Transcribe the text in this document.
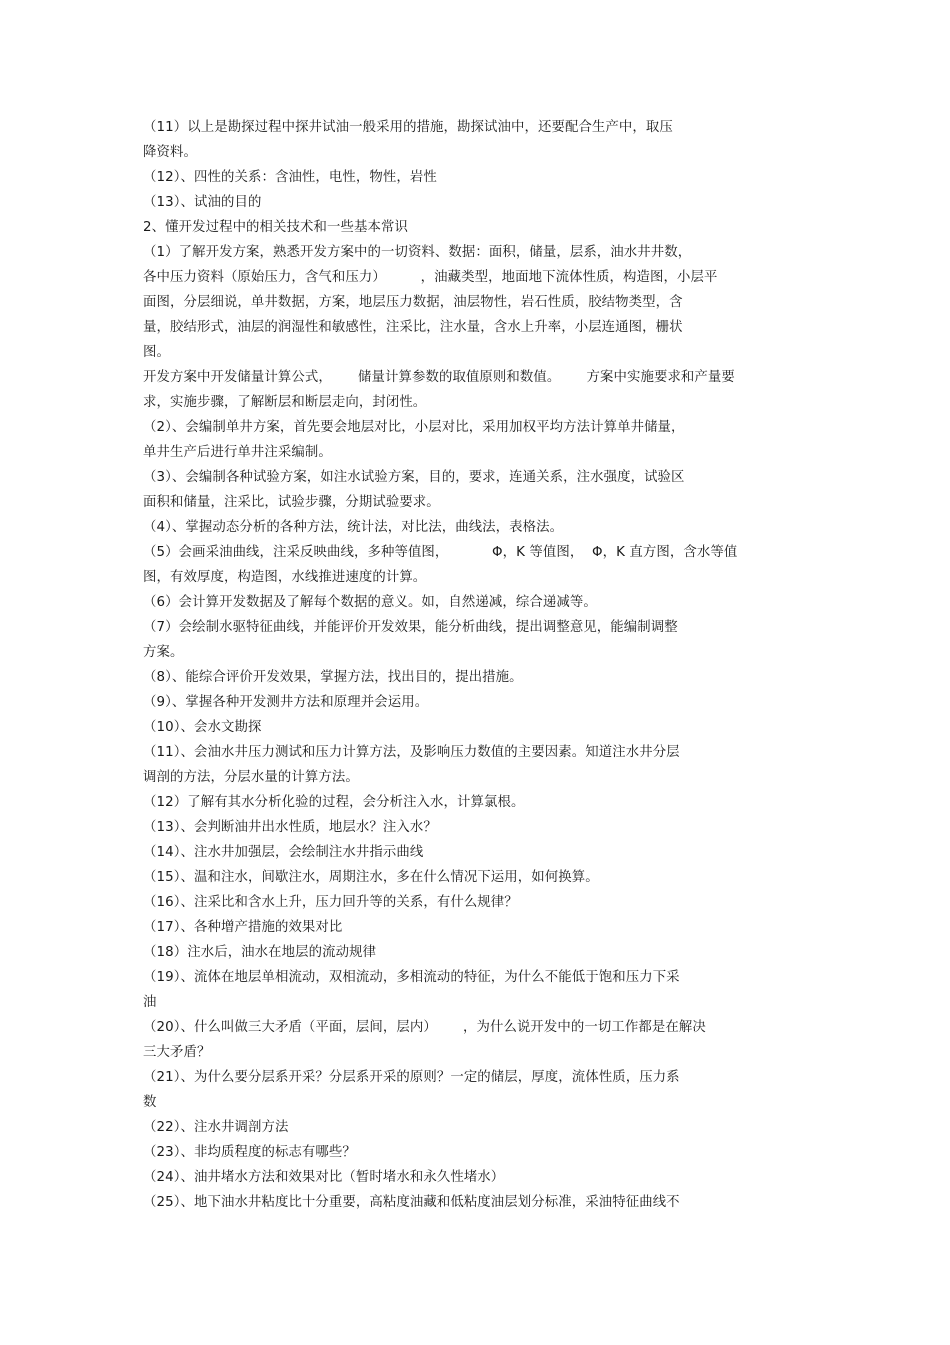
（11）以上是勘探过程中探井试油一般采用的措施，勘探试油中，还要配合生产中，取压
降资料。
（12）、四性的关系：含油性，电性，物性，岩性
（13）、试油的目的
2、懂开发过程中的相关技术和一些基本常识
（1）了解开发方案，熟悉开发方案中的一切资料、数据：面积，储量，层系，油水井井数，
各中压力资料（原始压力，含气和压力）        ，油藏类型，地面地下流体性质，构造图，小层平
面图，分层细说，单井数据，方案，地层压力数据，油层物性，岩石性质，胶结物类型，含
量，胶结形式，油层的润湿性和敏感性，注采比，注水量，含水上升率，小层连通图，栅状
图。
开发方案中开发储量计算公式，      储量计算参数的取值原则和数值。      方案中实施要求和产量要
求，实施步骤，了解断层和断层走向，封闭性。
（2）、会编制单井方案，首先要会地层对比，小层对比，采用加权平均方法计算单井储量，
单井生产后进行单井注采编制。
（3）、会编制各种试验方案，如注水试验方案，目的，要求，连通关系，注水强度，试验区
面积和储量，注采比，试验步骤，分期试验要求。
（4）、掌握动态分析的各种方法，统计法，对比法，曲线法，表格法。
（5）会画采油曲线，注采反映曲线，多种等值图，          Φ，K 等值图，  Φ，K 直方图，含水等值
图，有效厚度，构造图，水线推进速度的计算。
（6）会计算开发数据及了解每个数据的意义。如，自然递减，综合递减等。
（7）会绘制水驱特征曲线，并能评价开发效果，能分析曲线，提出调整意见，能编制调整
方案。
（8）、能综合评价开发效果，掌握方法，找出目的，提出措施。
（9）、掌握各种开发测井方法和原理并会运用。
（10）、会水文勘探
（11）、会油水井压力测试和压力计算方法，及影响压力数值的主要因素。知道注水井分层
调剖的方法，分层水量的计算方法。
（12）了解有其水分析化验的过程，会分析注入水，计算氯根。
（13）、会判断油井出水性质，地层水？注入水？
（14）、注水井加强层，会绘制注水井指示曲线
（15）、温和注水，间歇注水，周期注水，多在什么情况下运用，如何换算。
（16）、注采比和含水上升，压力回升等的关系，有什么规律？
（17）、各种增产措施的效果对比
（18）注水后，油水在地层的流动规律
（19）、流体在地层单相流动，双相流动，多相流动的特征，为什么不能低于饱和压力下采
油
（20）、什么叫做三大矛盾（平面，层间，层内）      ，为什么说开发中的一切工作都是在解决
三大矛盾？
（21）、为什么要分层系开采？分层系开采的原则？一定的储层，厚度，流体性质，压力系
数
（22）、注水井调剖方法
（23）、非均质程度的标志有哪些？
（24）、油井堵水方法和效果对比（暂时堵水和永久性堵水）
（25）、地下油水井粘度比十分重要，高粘度油藏和低粘度油层划分标准，采油特征曲线不
